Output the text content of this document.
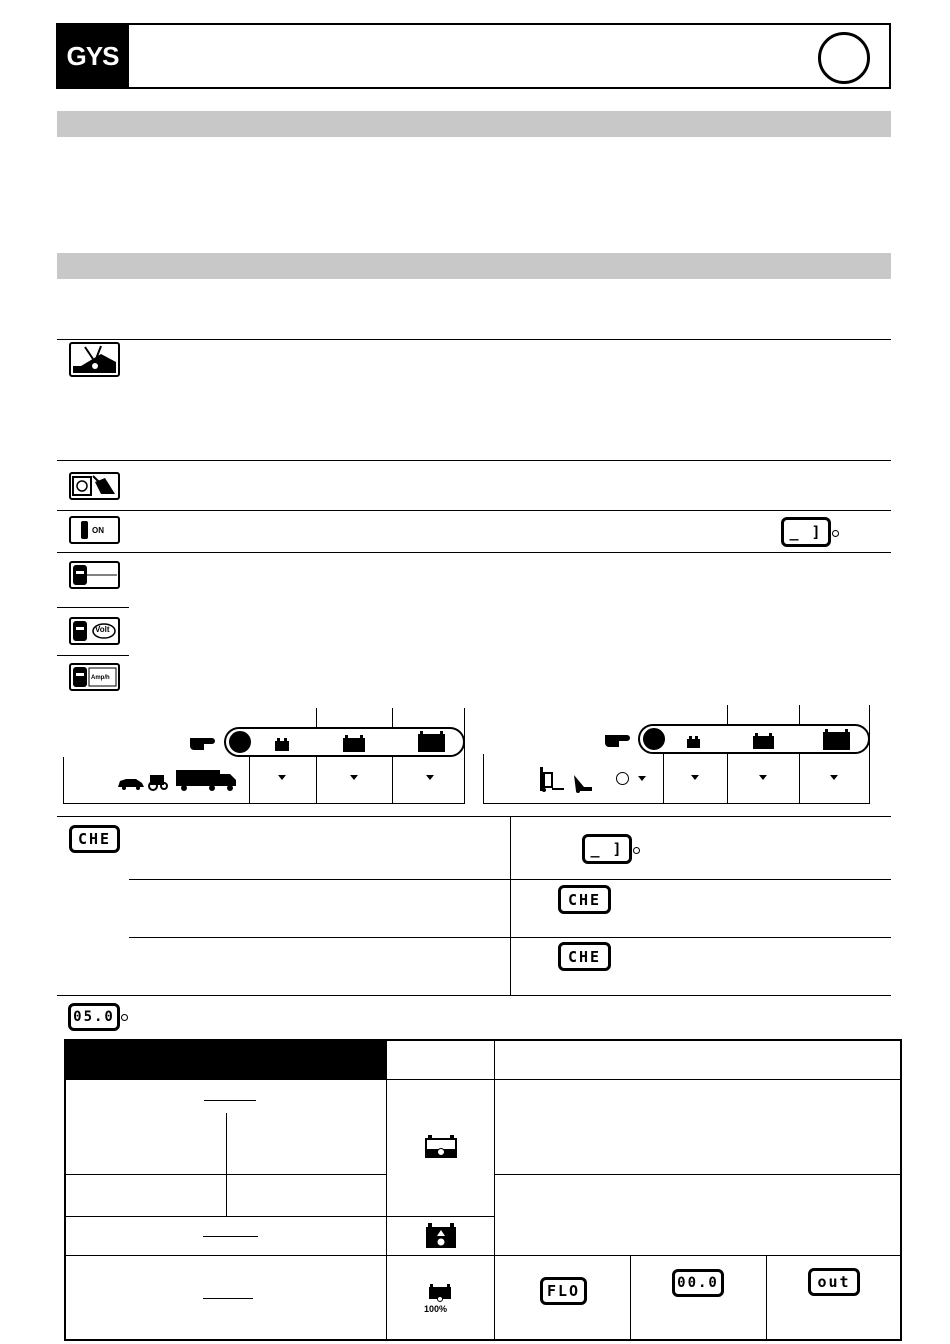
GYS
ON
Volt
Amp/h
_ ]
CHE
_ ]
CHE
CHE
05.0
100%
FLO	00.0	out
